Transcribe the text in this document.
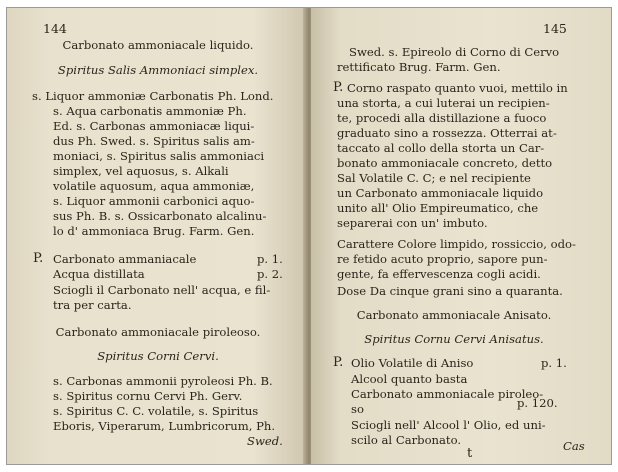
144
Carbonato ammoniacale liquido.
Spiritus Salis Ammoniaci simplex.
s. Liquor ammoniæ Carbonatis Ph. Lond.
s. Aqua carbonatis ammoniæ Ph.
Ed. s. Carbonas ammoniacæ liqui-
dus Ph. Swed. s. Spiritus salis am-
moniaci, s. Spiritus salis ammoniaci
simplex, vel aquosus, s. Alkali
volatile aquosum, aqua ammoniæ,
s. Liquor ammonii carbonici aquo-
sus Ph. B. s. Ossicarbonato alcalinu-
lo d' ammoniaca Brug. Farm. Gen.
P. Carbonato ammaniacale	p. 1.
Acqua distillata	p. 2.
Sciogli il Carbonato nell' acqua, e fil-
tra per carta.
Carbonato ammoniacale piroleoso.
Spiritus Corni Cervi.
s. Carbonas ammonii pyroleosi Ph. B.
s. Spiritus cornu Cervi Ph. Gerv.
s. Spiritus C. C. volatile, s. Spiritus
Eboris, Viperarum, Lumbricorum, Ph.
Swed.
145
Swed. s. Epireolo di Corno di Cervo
rettificato Brug. Farm. Gen.
P. Corno raspato quanto vuoi, mettilo in
una storta, a cui luterai un recipien-
te, procedi alla distillazione a fuoco
graduato sino a rossezza. Otterrai at-
taccato al collo della storta un Car-
bonato ammoniacale concreto, detto
Sal Volatile C. C; e nel recipiente
un Carbonato ammoniacale liquido
unito all' Olio Empireumatico, che
separerai con un' imbuto.
Carattere Colore limpido, rossiccio, odo-
re fetido acuto proprio, sapore pun-
gente, fa effervescenza cogli acidi.
Dose Da cinque grani sino a quaranta.
Carbonato ammoniacale Anisato.
Spiritus Cornu Cervi Anisatus.
P. Olio Volatile di Aniso	p. 1.
Alcool quanto basta
Carbonato ammoniacale piroleo-
so	p. 120.
Sciogli nell' Alcool l' Olio, ed uni-
scilo al Carbonato.
t	Cas
